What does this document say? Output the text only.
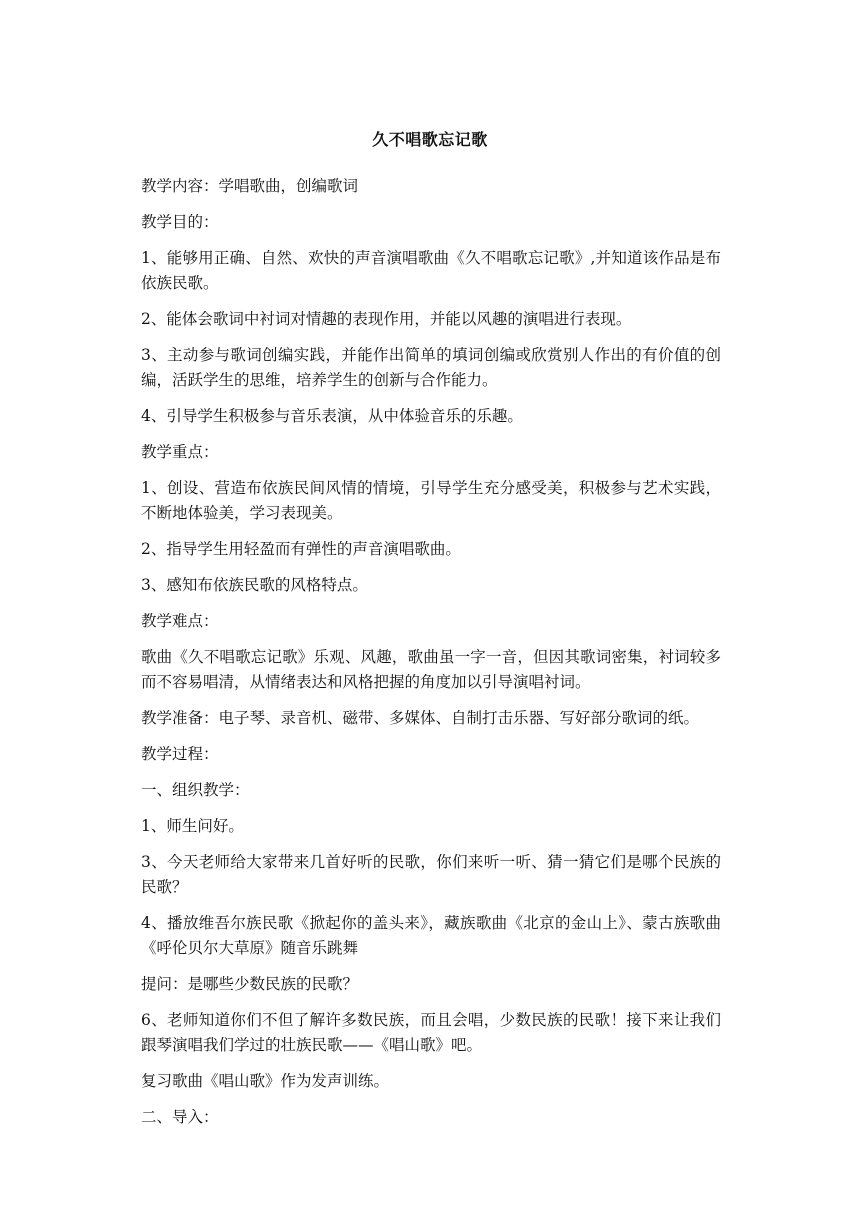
久不唱歌忘记歌

教学内容：学唱歌曲，创编歌词

教学目的：

1、能够用正确、自然、欢快的声音演唱歌曲《久不唱歌忘记歌》,并知道该作品是布依族民歌。

2、能体会歌词中衬词对情趣的表现作用，并能以风趣的演唱进行表现。

3、主动参与歌词创编实践，并能作出简单的填词创编或欣赏别人作出的有价值的创编，活跃学生的思维，培养学生的创新与合作能力。

4、引导学生积极参与音乐表演，从中体验音乐的乐趣。

教学重点：

1、创设、营造布依族民间风情的情境，引导学生充分感受美，积极参与艺术实践，不断地体验美，学习表现美。

2、指导学生用轻盈而有弹性的声音演唱歌曲。

3、感知布依族民歌的风格特点。

教学难点：

歌曲《久不唱歌忘记歌》乐观、风趣，歌曲虽一字一音，但因其歌词密集，衬词较多而不容易唱清，从情绪表达和风格把握的角度加以引导演唱衬词。

教学准备：电子琴、录音机、磁带、多媒体、自制打击乐器、写好部分歌词的纸。

教学过程：

一、组织教学：

1、师生问好。

3、今天老师给大家带来几首好听的民歌，你们来听一听、猜一猜它们是哪个民族的民歌？

4、播放维吾尔族民歌《掀起你的盖头来》，藏族歌曲《北京的金山上》、蒙古族歌曲《呼伦贝尔大草原》随音乐跳舞

提问：是哪些少数民族的民歌？

6、老师知道你们不但了解许多数民族，而且会唱，少数民族的民歌！接下来让我们跟琴演唱我们学过的壮族民歌——《唱山歌》吧。

复习歌曲《唱山歌》作为发声训练。

二、导入：
